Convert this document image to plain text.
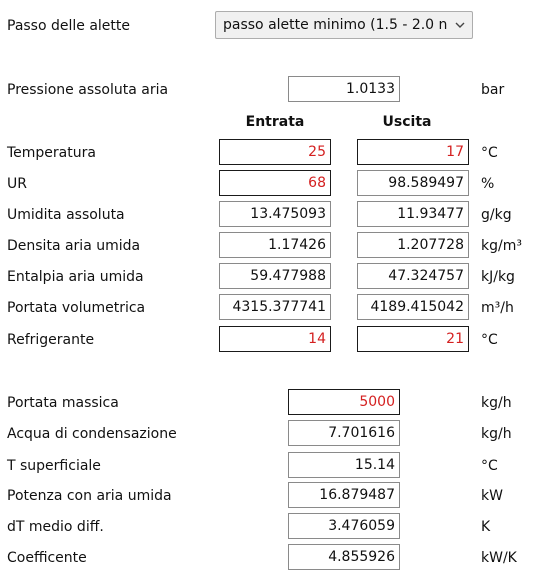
Passo delle alette	passo alette minimo (1.5 - 2.0 n
Pressione assoluta aria	1.0133	bar
Entrata	Uscita
Temperatura	25	17	°C
UR	68	98.589497	%
Umidita assoluta	13.475093	11.93477	g/kg
Densita aria umida	1.17426	1.207728	kg/m³
Entalpia aria umida	59.477988	47.324757	kJ/kg
Portata volumetrica	4315.377741	4189.415042	m³/h
Refrigerante	14	21	°C
Portata massica	5000	kg/h
Acqua di condensazione	7.701616	kg/h
T superficiale	15.14	°C
Potenza con aria umida	16.879487	kW
dT medio diff.	3.476059	K
Coefficente	4.855926	kW/K
